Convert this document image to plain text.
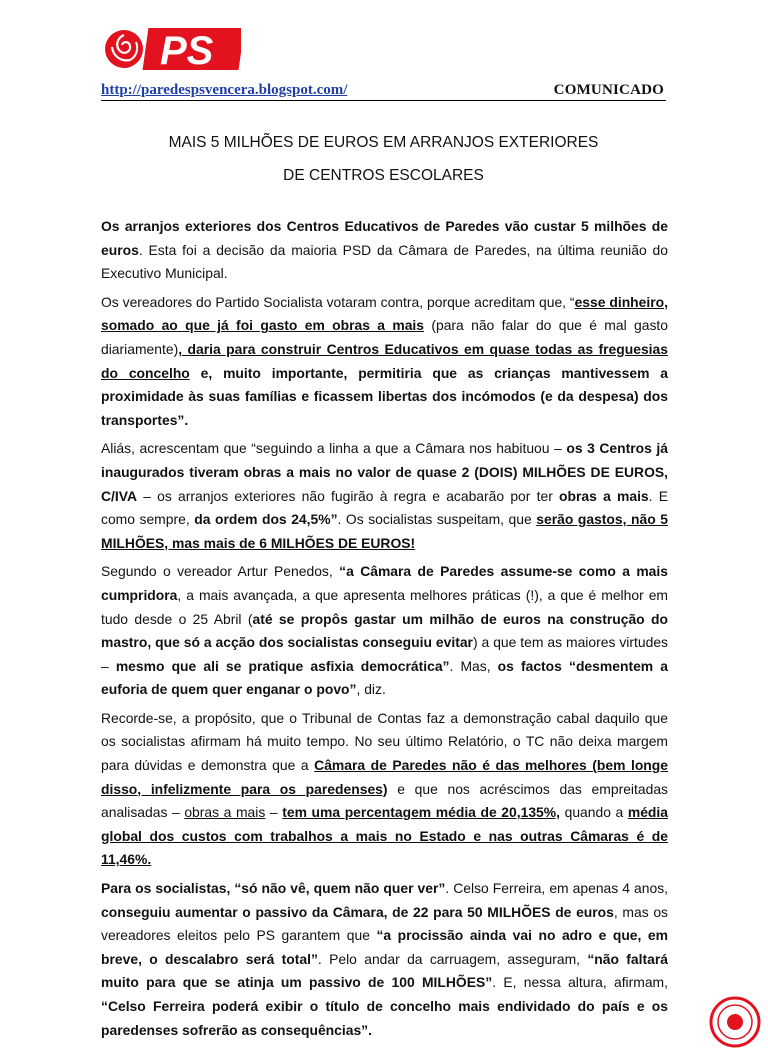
PS
http://paredespsvencera.blogspot.com/	COMUNICADO
MAIS 5 MILHÕES DE EUROS EM ARRANJOS EXTERIORES
DE CENTROS ESCOLARES

Os arranjos exteriores dos Centros Educativos de Paredes vão custar 5 milhões de euros. Esta foi a decisão da maioria PSD da Câmara de Paredes, na última reunião do Executivo Municipal.

Os vereadores do Partido Socialista votaram contra, porque acreditam que, “esse dinheiro, somado ao que já foi gasto em obras a mais (para não falar do que é mal gasto diariamente), daria para construir Centros Educativos em quase todas as freguesias do concelho e, muito importante, permitiria que as crianças mantivessem a proximidade às suas famílias e ficassem libertas dos incómodos (e da despesa) dos transportes”.

Aliás, acrescentam que “seguindo a linha a que a Câmara nos habituou – os 3 Centros já inaugurados tiveram obras a mais no valor de quase 2 (DOIS) MILHÕES DE EUROS, C/IVA – os arranjos exteriores não fugirão à regra e acabarão por ter obras a mais. E como sempre, da ordem dos 24,5%”. Os socialistas suspeitam, que serão gastos, não 5 MILHÕES, mas mais de 6 MILHÕES DE EUROS!

Segundo o vereador Artur Penedos, “a Câmara de Paredes assume-se como a mais cumpridora, a mais avançada, a que apresenta melhores práticas (!), a que é melhor em tudo desde o 25 Abril (até se propôs gastar um milhão de euros na construção do mastro, que só a acção dos socialistas conseguiu evitar) a que tem as maiores virtudes – mesmo que ali se pratique asfixia democrática”. Mas, os factos “desmentem a euforia de quem quer enganar o povo”, diz.

Recorde-se, a propósito, que o Tribunal de Contas faz a demonstração cabal daquilo que os socialistas afirmam há muito tempo. No seu último Relatório, o TC não deixa margem para dúvidas e demonstra que a Câmara de Paredes não é das melhores (bem longe disso, infelizmente para os paredenses) e que nos acréscimos das empreitadas analisadas – obras a mais – tem uma percentagem média de 20,135%, quando a média global dos custos com trabalhos a mais no Estado e nas outras Câmaras é de 11,46%.

Para os socialistas, “só não vê, quem não quer ver”. Celso Ferreira, em apenas 4 anos, conseguiu aumentar o passivo da Câmara, de 22 para 50 MILHÕES de euros, mas os vereadores eleitos pelo PS garantem que “a procissão ainda vai no adro e que, em breve, o descalabro será total”. Pelo andar da carruagem, asseguram, “não faltará muito para que se atinja um passivo de 100 MILHÕES”. E, nessa altura, afirmam, “Celso Ferreira poderá exibir o título de concelho mais endividado do país e os paredenses sofrerão as consequências”.
